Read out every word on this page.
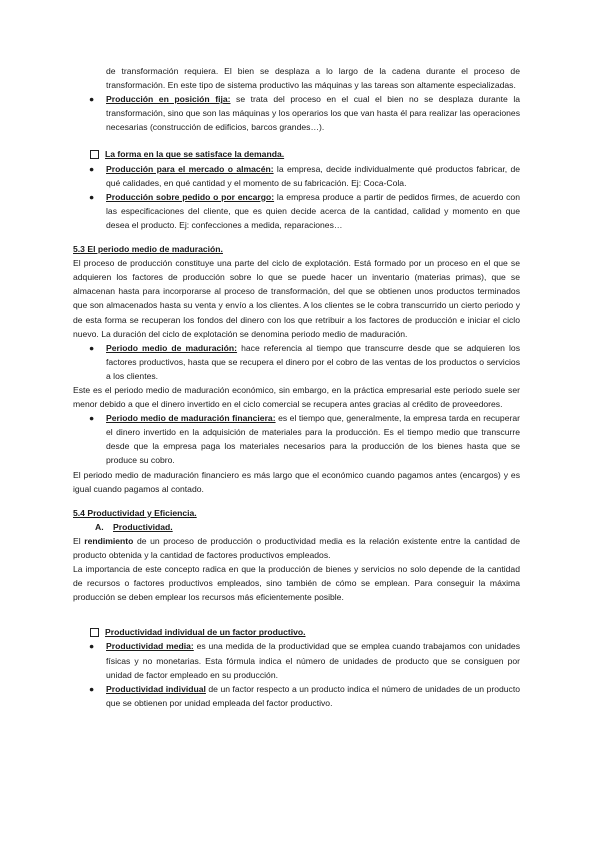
de transformación requiera. El bien se desplaza a lo largo de la cadena durante el proceso de transformación. En este tipo de sistema productivo las máquinas y las tareas son altamente especializadas.

● Producción en posición fija: se trata del proceso en el cual el bien no se desplaza durante la transformación, sino que son las máquinas y los operarios los que van hasta él para realizar las operaciones necesarias (construcción de edificios, barcos grandes…).
La forma en la que se satisface la demanda.
● Producción para el mercado o almacén: la empresa, decide individualmente qué productos fabricar, de qué calidades, en qué cantidad y el momento de su fabricación. Ej: Coca-Cola.
● Producción sobre pedido o por encargo: la empresa produce a partir de pedidos firmes, de acuerdo con las especificaciones del cliente, que es quien decide acerca de la cantidad, calidad y momento en que desea el producto. Ej: confecciones a medida, reparaciones…

5.3 El periodo medio de maduración.

El proceso de producción constituye una parte del ciclo de explotación. Está formado por un proceso en el que se adquieren los factores de producción sobre lo que se puede hacer un inventario (materias primas), que se almacenan hasta para incorporarse al proceso de transformación, del que se obtienen unos productos terminados que son almacenados hasta su venta y envío a los clientes. A los clientes se le cobra transcurrido un cierto periodo y de esta forma se recuperan los fondos del dinero con los que retribuir a los factores de producción e iniciar el ciclo nuevo. La duración del ciclo de explotación se denomina periodo medio de maduración.

● Periodo medio de maduración: hace referencia al tiempo que transcurre desde que se adquieren los factores productivos, hasta que se recupera el dinero por el cobro de las ventas de los productos o servicios a los clientes.

Este es el periodo medio de maduración económico, sin embargo, en la práctica empresarial este periodo suele ser menor debido a que el dinero invertido en el ciclo comercial se recupera antes gracias al crédito de proveedores.

● Periodo medio de maduración financiera: es el tiempo que, generalmente, la empresa tarda en recuperar el dinero invertido en la adquisición de materiales para la producción. Es el tiempo medio que transcurre desde que la empresa paga los materiales necesarios para la producción de los bienes hasta que se produce su cobro.

El periodo medio de maduración financiero es más largo que el económico cuando pagamos antes (encargos) y es igual cuando pagamos al contado.

5.4 Productividad y Eficiencia.

A. Productividad.

El rendimiento de un proceso de producción o productividad media es la relación existente entre la cantidad de producto obtenida y la cantidad de factores productivos empleados.

La importancia de este concepto radica en que la producción de bienes y servicios no solo depende de la cantidad de recursos o factores productivos empleados, sino también de cómo se emplean. Para conseguir la máxima producción se deben emplear los recursos más eficientemente posible.

Productividad individual de un factor productivo.
● Productividad media: es una medida de la productividad que se emplea cuando trabajamos con unidades físicas y no monetarias. Esta fórmula indica el número de unidades de producto que se consiguen por unidad de factor empleado en su producción.
● Productividad individual de un factor respecto a un producto indica el número de unidades de un producto que se obtienen por unidad empleada del factor productivo.
